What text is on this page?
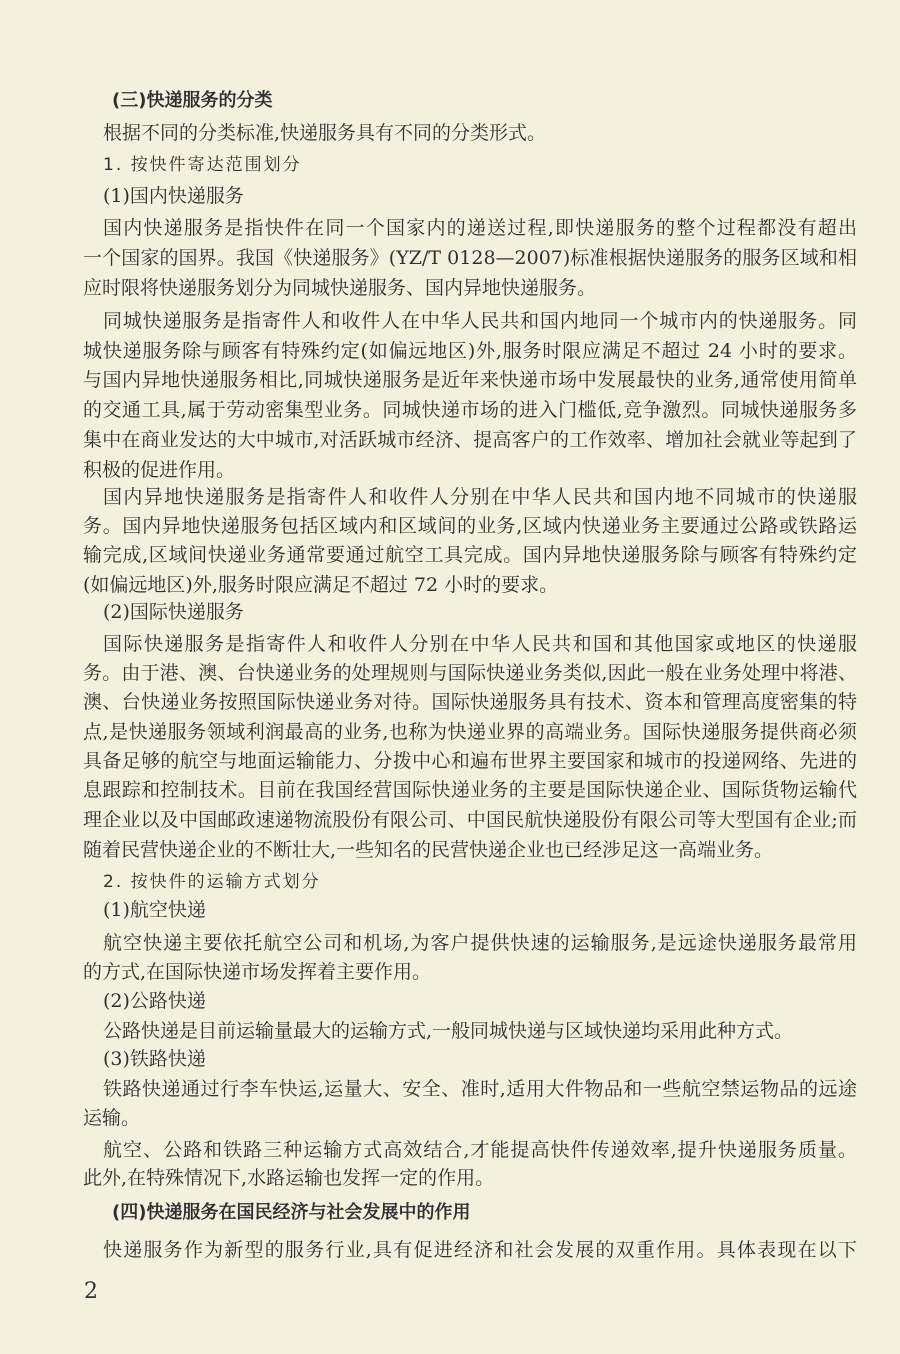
(三)快递服务的分类
根据不同的分类标准,快递服务具有不同的分类形式。
1. 按快件寄达范围划分
(1)国内快递服务
国内快递服务是指快件在同一个国家内的递送过程,即快递服务的整个过程都没有超出
一个国家的国界。我国《快递服务》(YZ/T 0128—2007)标准根据快递服务的服务区域和相
应时限将快递服务划分为同城快递服务、国内异地快递服务。
同城快递服务是指寄件人和收件人在中华人民共和国内地同一个城市内的快递服务。同
城快递服务除与顾客有特殊约定(如偏远地区)外,服务时限应满足不超过 24 小时的要求。
与国内异地快递服务相比,同城快递服务是近年来快递市场中发展最快的业务,通常使用简单
的交通工具,属于劳动密集型业务。同城快递市场的进入门槛低,竞争激烈。同城快递服务多
集中在商业发达的大中城市,对活跃城市经济、提高客户的工作效率、增加社会就业等起到了
积极的促进作用。
国内异地快递服务是指寄件人和收件人分别在中华人民共和国内地不同城市的快递服
务。国内异地快递服务包括区域内和区域间的业务,区域内快递业务主要通过公路或铁路运
输完成,区域间快递业务通常要通过航空工具完成。国内异地快递服务除与顾客有特殊约定
(如偏远地区)外,服务时限应满足不超过 72 小时的要求。
(2)国际快递服务
国际快递服务是指寄件人和收件人分别在中华人民共和国和其他国家或地区的快递服
务。由于港、澳、台快递业务的处理规则与国际快递业务类似,因此一般在业务处理中将港、
澳、台快递业务按照国际快递业务对待。国际快递服务具有技术、资本和管理高度密集的特
点,是快递服务领域利润最高的业务,也称为快递业界的高端业务。国际快递服务提供商必须
具备足够的航空与地面运输能力、分拨中心和遍布世界主要国家和城市的投递网络、先进的
息跟踪和控制技术。目前在我国经营国际快递业务的主要是国际快递企业、国际货物运输代
理企业以及中国邮政速递物流股份有限公司、中国民航快递股份有限公司等大型国有企业;而
随着民营快递企业的不断壮大,一些知名的民营快递企业也已经涉足这一高端业务。
2. 按快件的运输方式划分
(1)航空快递
航空快递主要依托航空公司和机场,为客户提供快速的运输服务,是远途快递服务最常用
的方式,在国际快递市场发挥着主要作用。
(2)公路快递
公路快递是目前运输量最大的运输方式,一般同城快递与区域快递均采用此种方式。
(3)铁路快递
铁路快递通过行李车快运,运量大、安全、准时,适用大件物品和一些航空禁运物品的远途
运输。
航空、公路和铁路三种运输方式高效结合,才能提高快件传递效率,提升快递服务质量。
此外,在特殊情况下,水路运输也发挥一定的作用。
(四)快递服务在国民经济与社会发展中的作用
快递服务作为新型的服务行业,具有促进经济和社会发展的双重作用。具体表现在以下
2
